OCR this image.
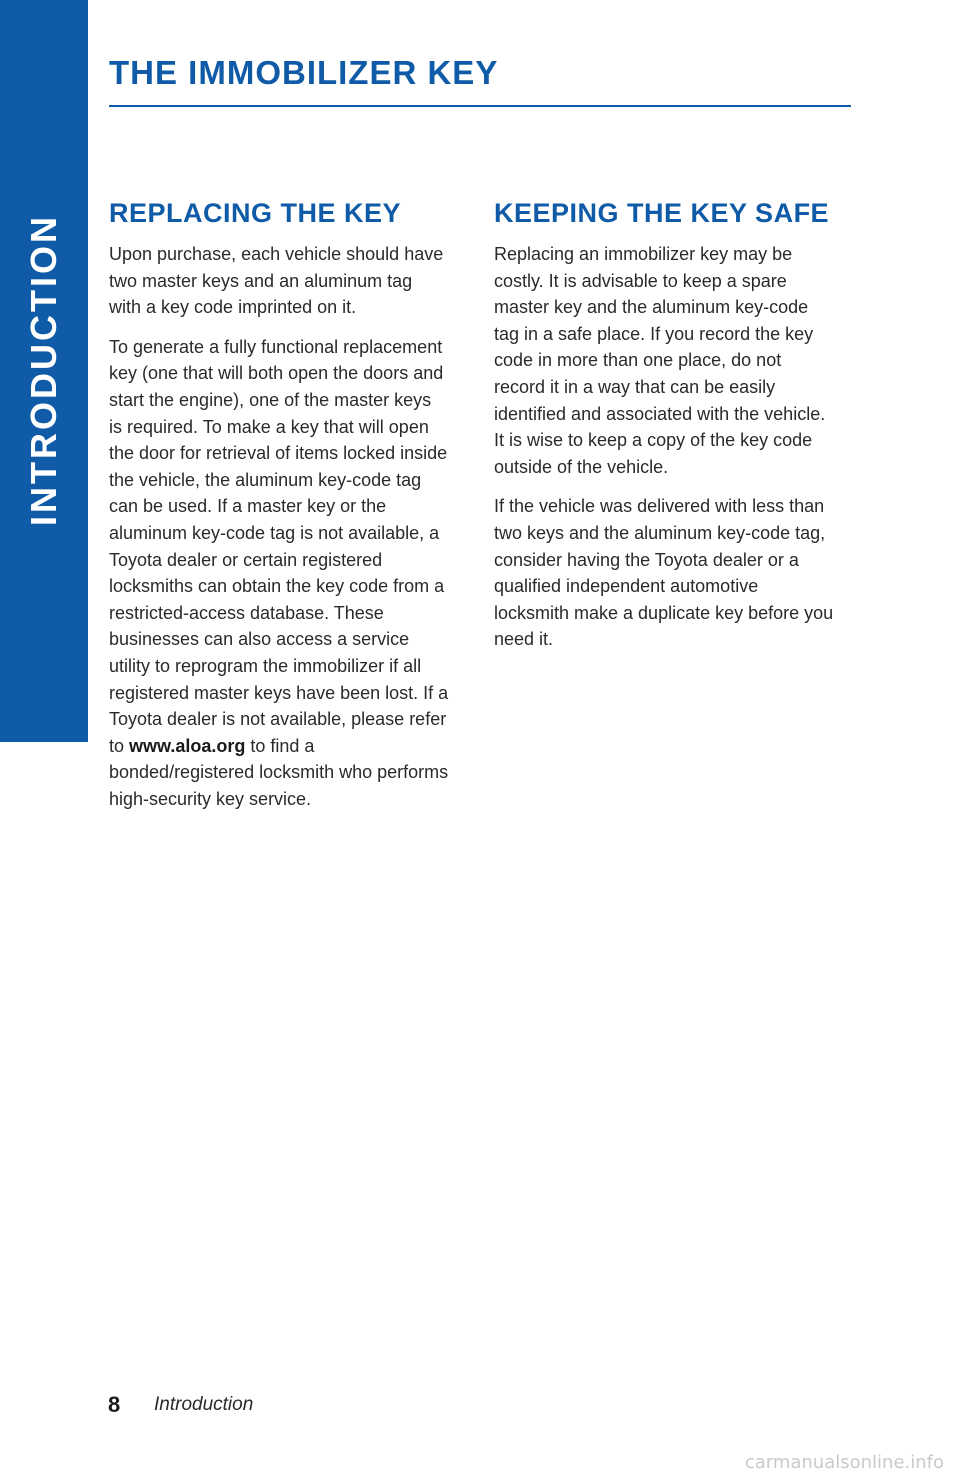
INTRODUCTION
THE IMMOBILIZER KEY
REPLACING THE KEY

Upon purchase, each vehicle should have two master keys and an aluminum tag with a key code imprinted on it.

To generate a fully functional replacement key (one that will both open the doors and start the engine), one of the master keys is required. To make a key that will open the door for retrieval of items locked inside the vehicle, the aluminum key-code tag can be used. If a master key or the aluminum key-code tag is not available, a Toyota dealer or certain registered locksmiths can obtain the key code from a restricted-access database. These businesses can also access a service utility to reprogram the immobilizer if all registered master keys have been lost. If a Toyota dealer is not available, please refer to www.aloa.org to find a bonded/registered locksmith who performs high-security key service.

KEEPING THE KEY SAFE

Replacing an immobilizer key may be costly. It is advisable to keep a spare master key and the aluminum key-code tag in a safe place. If you record the key code in more than one place, do not record it in a way that can be easily identified and associated with the vehicle. It is wise to keep a copy of the key code outside of the vehicle.

If the vehicle was delivered with less than two keys and the aluminum key-code tag, consider having the Toyota dealer or a qualified independent automotive locksmith make a duplicate key before you need it.

8 Introduction
carmanualsonline.info
